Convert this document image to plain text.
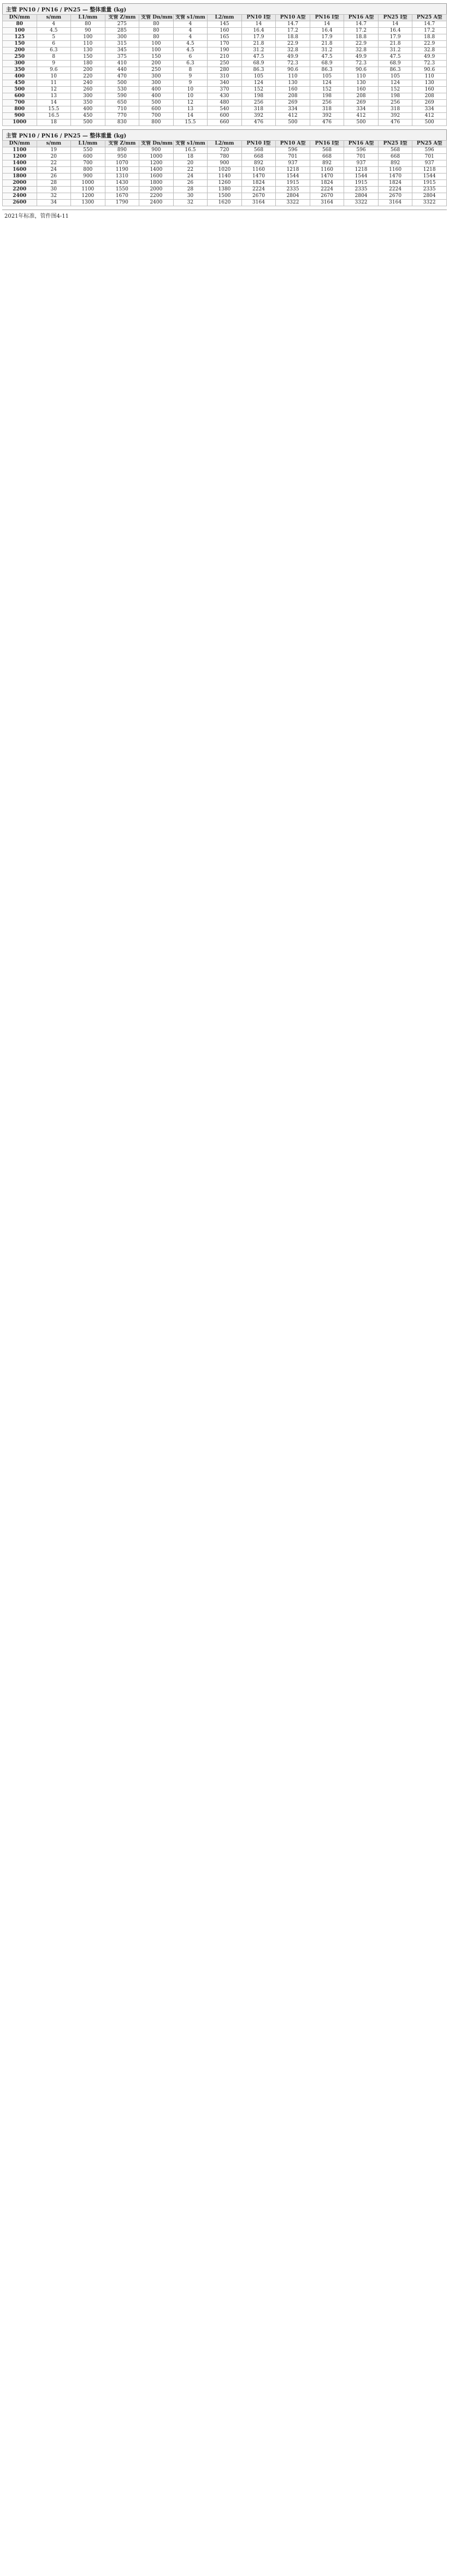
主管 PN10 / PN16 / PN25 — 整体重量 (kg)
DN/mm	s/mm	L1/mm	支管 Z/mm	支管 Dn/mm	支管 s1/mm	L2/mm	PN10 I型	PN10 A型	PN16 I型	PN16 A型	PN25 I型	PN25 A型
80	4	80	275	80	4	145	14	14.7	14	14.7	14	14.7
100	4.5	90	285	80	4	160	16.4	17.2	16.4	17.2	16.4	17.2
125	5	100	300	80	4	165	17.9	18.8	17.9	18.8	17.9	18.8
150	6	110	315	100	4.5	170	21.8	22.9	21.8	22.9	21.8	22.9
200	6.3	130	345	100	4.5	190	31.2	32.8	31.2	32.8	31.2	32.8
250	8	150	375	150	6	210	47.5	49.9	47.5	49.9	47.5	49.9
300	9	180	410	200	6.3	250	68.9	72.3	68.9	72.3	68.9	72.3
350	9.6	200	440	250	8	280	86.3	90.6	86.3	90.6	86.3	90.6
400	10	220	470	300	9	310	105	110	105	110	105	110
450	11	240	500	300	9	340	124	130	124	130	124	130
500	12	260	530	400	10	370	152	160	152	160	152	160
600	13	300	590	400	10	430	198	208	198	208	198	208
700	14	350	650	500	12	480	256	269	256	269	256	269
800	15.5	400	710	600	13	540	318	334	318	334	318	334
900	16.5	450	770	700	14	600	392	412	392	412	392	412
1000	18	500	830	800	15.5	660	476	500	476	500	476	500
主管 PN10 / PN16 / PN25 — 整体重量 (kg)
DN/mm	s/mm	L1/mm	支管 Z/mm	支管 Dn/mm	支管 s1/mm	L2/mm	PN10 I型	PN10 A型	PN16 I型	PN16 A型	PN25 I型	PN25 A型
1100	19	550	890	900	16.5	720	568	596	568	596	568	596
1200	20	600	950	1000	18	780	668	701	668	701	668	701
1400	22	700	1070	1200	20	900	892	937	892	937	892	937
1600	24	800	1190	1400	22	1020	1160	1218	1160	1218	1160	1218
1800	26	900	1310	1600	24	1140	1470	1544	1470	1544	1470	1544
2000	28	1000	1430	1800	26	1260	1824	1915	1824	1915	1824	1915
2200	30	1100	1550	2000	28	1380	2224	2335	2224	2335	2224	2335
2400	32	1200	1670	2200	30	1500	2670	2804	2670	2804	2670	2804
2600	34	1300	1790	2400	32	1620	3164	3322	3164	3322	3164	3322
2021年标准，管件图4-11
